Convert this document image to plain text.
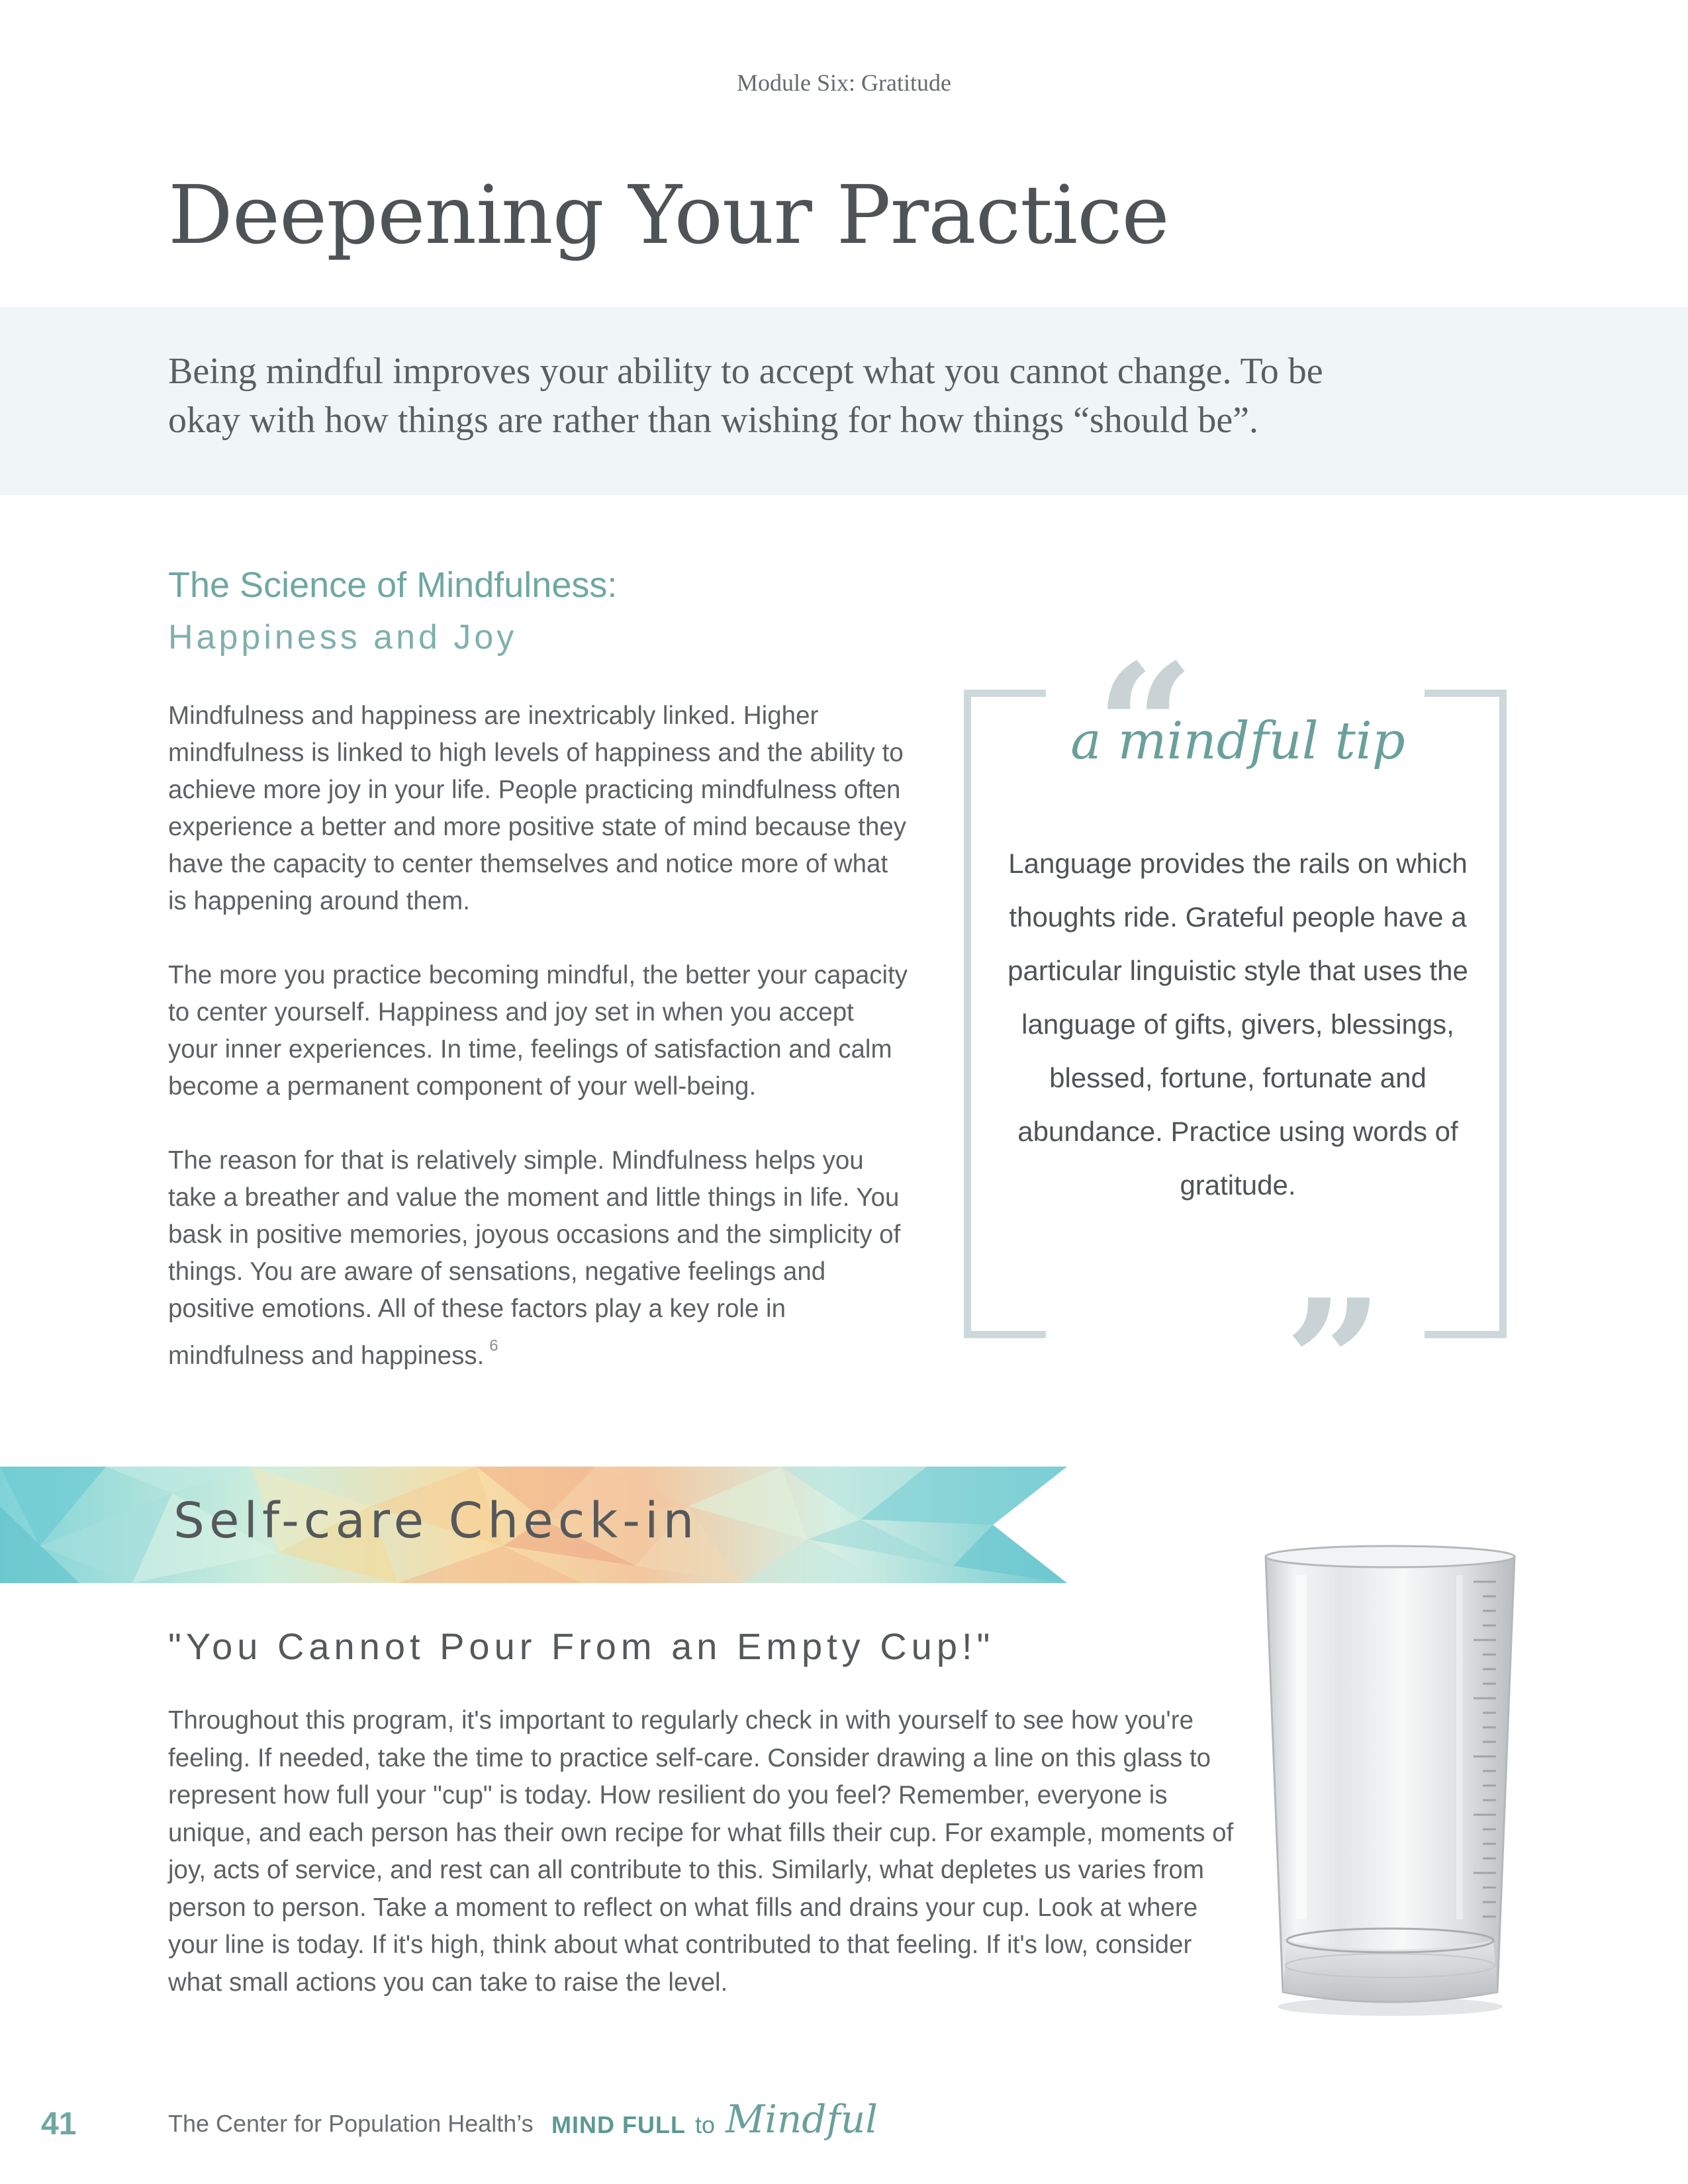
Module Six: Gratitude
Deepening Your Practice

Being mindful improves your ability to accept what you cannot change. To be
okay with how things are rather than wishing for how things “should be”.

The Science of Mindfulness:
Happiness and Joy

Mindfulness and happiness are inextricably linked. Higher mindfulness is linked to high levels of happiness and the ability to achieve more joy in your life. People practicing mindfulness often experience a better and more positive state of mind because they have the capacity to center themselves and notice more of what is happening around them.

The more you practice becoming mindful, the better your capacity to center yourself. Happiness and joy set in when you accept your inner experiences. In time, feelings of satisfaction and calm become a permanent component of your well-being.

The reason for that is relatively simple. Mindfulness helps you take a breather and value the moment and little things in life. You bask in positive memories, joyous occasions and the simplicity of things. You are aware of sensations, negative feelings and positive emotions. All of these factors play a key role in mindfulness and happiness. $^6$

“
”
a mindful tip

Language provides the rails on which thoughts ride. Grateful people have a particular linguistic style that uses the language of gifts, givers, blessings, blessed, fortune, fortunate and abundance. Practice using words of gratitude.

Self-care Check-in
"You Cannot Pour From an Empty Cup!"

Throughout this program, it's important to regularly check in with yourself to see how you're feeling. If needed, take the time to practice self-care. Consider drawing a line on this glass to represent how full your "cup" is today. How resilient do you feel? Remember, everyone is unique, and each person has their own recipe for what fills their cup. For example, moments of joy, acts of service, and rest can all contribute to this. Similarly, what depletes us varies from person to person. Take a moment to reflect on what fills and drains your cup. Look at where your line is today. If it's high, think about what contributed to that feeling. If it's low, consider what small actions you can take to raise the level.

41	The Center for Population Health’s MIND FULL to Mindful
